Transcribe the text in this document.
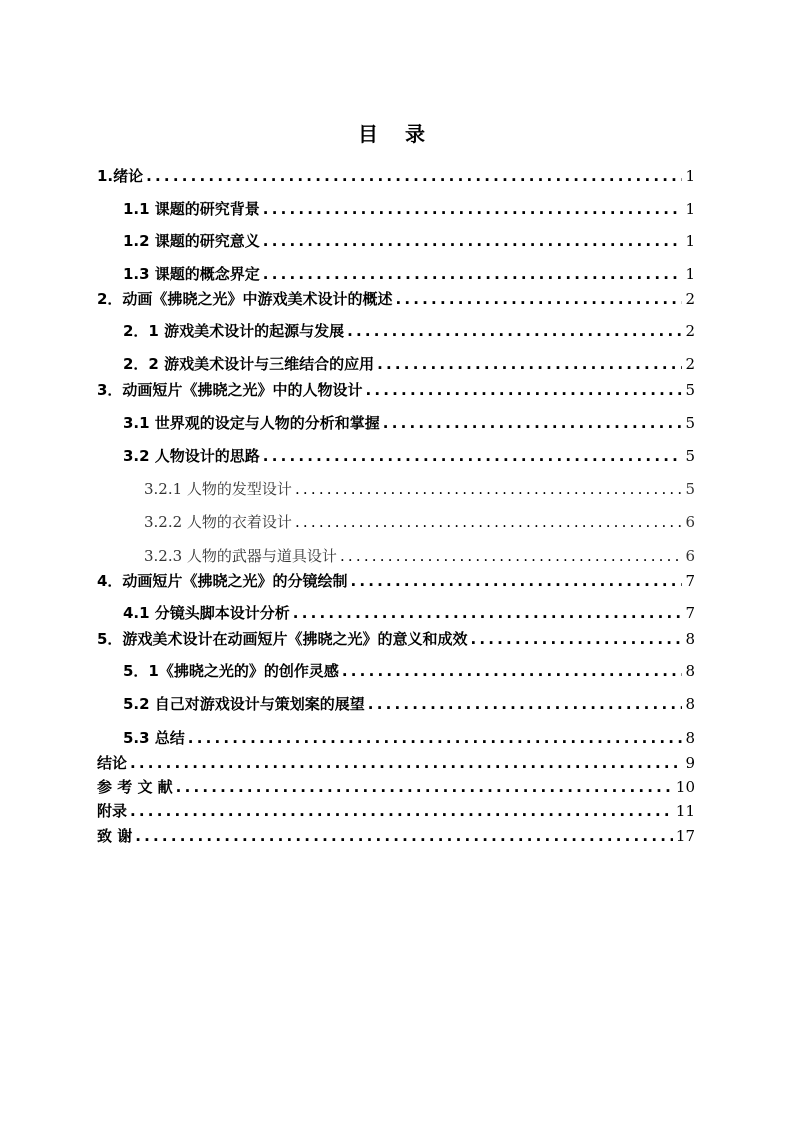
目 录
1.绪论 .....	1
1.1 课题的研究背景 .....	1
1.2 课题的研究意义 .....	1
1.3 课题的概念界定 .....	1
2．动画《拂晓之光》中游戏美术设计的概述 .....	2
2．1 游戏美术设计的起源与发展 .....	2
2．2 游戏美术设计与三维结合的应用 .....	2
3．动画短片《拂晓之光》中的人物设计 .....	5
3.1 世界观的设定与人物的分析和掌握 .....	5
3.2 人物设计的思路 .....	5
3.2.1 人物的发型设计 .....	5
3.2.2 人物的衣着设计 .....	6
3.2.3 人物的武器与道具设计 .....	6
4．动画短片《拂晓之光》的分镜绘制 .....	7
4.1 分镜头脚本设计分析 .....	7
5．游戏美术设计在动画短片《拂晓之光》的意义和成效 .....	8
5．1《拂晓之光的》的创作灵感 .....	8
5.2 自己对游戏设计与策划案的展望 .....	8
5.3 总结 .....	8
结论 .....	9
参 考 文 献 .....	10
附录 .....	11
致 谢 .....	17
